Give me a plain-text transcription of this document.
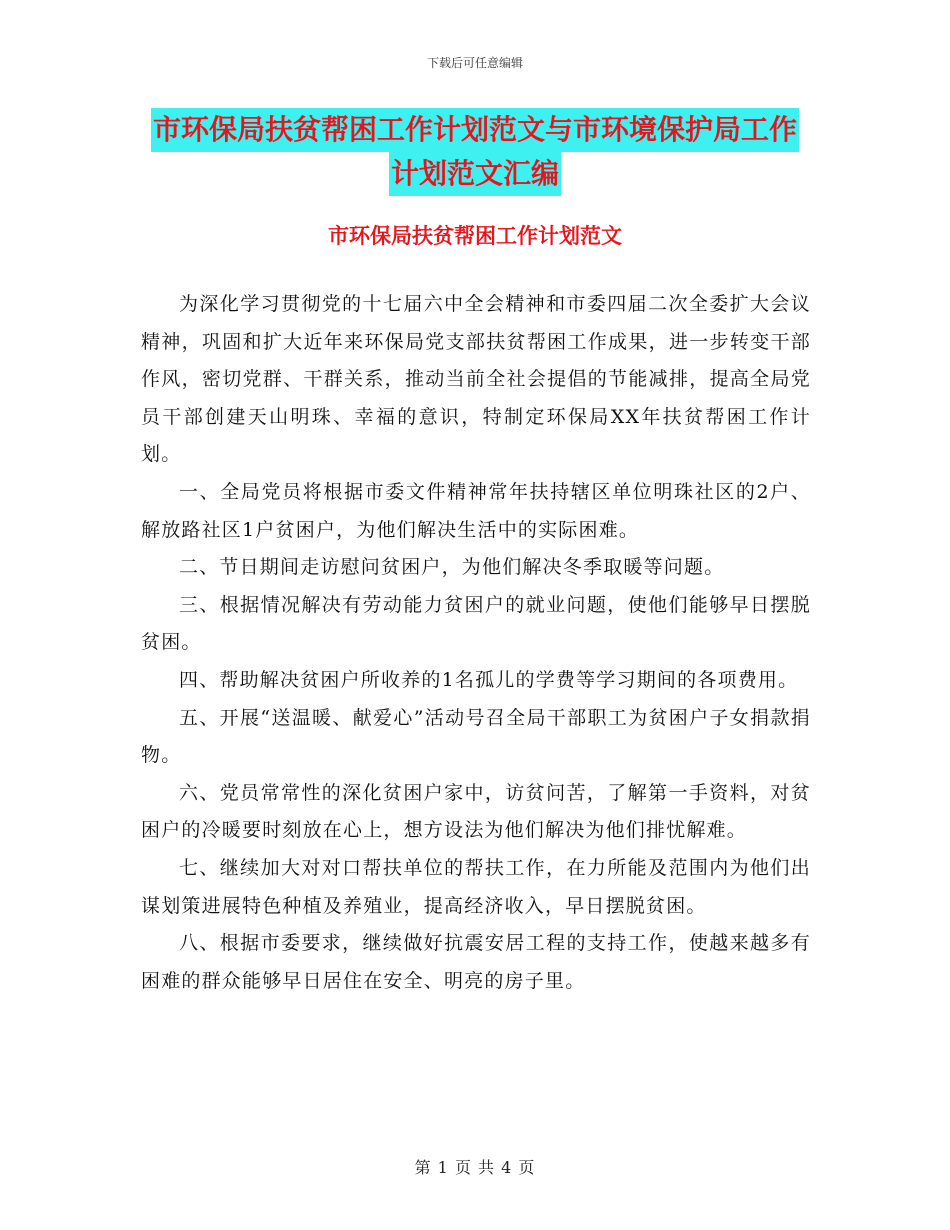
下载后可任意编辑
市环保局扶贫帮困工作计划范文与市环境保护局工作
计划范文汇编
市环保局扶贫帮困工作计划范文

为深化学习贯彻党的十七届六中全会精神和市委四届二次全委扩大会议精神，巩固和扩大近年来环保局党支部扶贫帮困工作成果，进一步转变干部作风，密切党群、干群关系，推动当前全社会提倡的节能减排，提高全局党员干部创建天山明珠、幸福的意识，特制定环保局XX年扶贫帮困工作计划。

一、全局党员将根据市委文件精神常年扶持辖区单位明珠社区的2户、解放路社区1户贫困户，为他们解决生活中的实际困难。

二、节日期间走访慰问贫困户，为他们解决冬季取暖等问题。

三、根据情况解决有劳动能力贫困户的就业问题，使他们能够早日摆脱贫困。

四、帮助解决贫困户所收养的1名孤儿的学费等学习期间的各项费用。

五、开展“送温暖、献爱心”活动号召全局干部职工为贫困户子女捐款捐物。

六、党员常常性的深化贫困户家中，访贫问苦，了解第一手资料，对贫困户的冷暖要时刻放在心上，想方设法为他们解决为他们排忧解难。

七、继续加大对对口帮扶单位的帮扶工作，在力所能及范围内为他们出谋划策进展特色种植及养殖业，提高经济收入，早日摆脱贫困。

八、根据市委要求，继续做好抗震安居工程的支持工作，使越来越多有困难的群众能够早日居住在安全、明亮的房子里。

第 1 页 共 4 页
